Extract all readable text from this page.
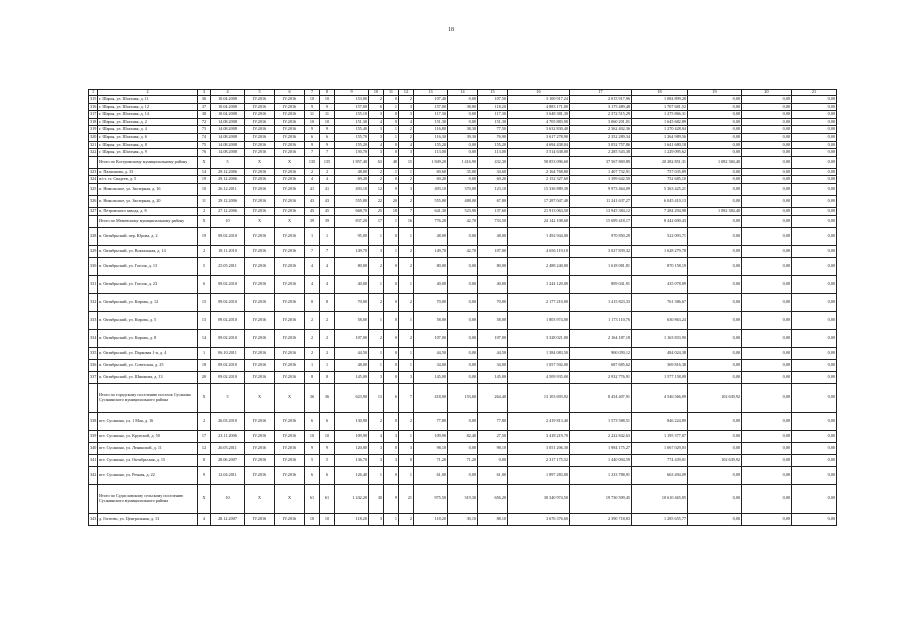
18
1	2	3	4	5	6	7	8	9	10	11	12	13	14	15	16	17	18	19	20	21
315	г. Шарья, ул. Шахтная, д. 11	36	10.04.2008	IV.2016	IV.2016	10	10	153,00	2	0	2	107,40	0,00	107,50	3 100 917,24	2 015 917,96	1 084 899,28	0,00	0,00	0,00
316	г. Шарья, ул. Шахтная, д. 12	37	10.04.2008	IV.2016	IV.2016	9	9	157,00	6	1	3	157,00	38,80	118,20	4 883 171,00	3 175 489,48	1 707 681,52	0,00	0,00	0,00
317	г. Шарья, ул. Шахтная, д. 14	38	10.04.2008	IV.2016	IV.2016	11	11	155,10	3	0	3	117,30	0,00	117,30	3 648 381,30	2 372 515,29	1 275 866,31	0,00	0,00	0,00
318	г. Шарья, ул. Шахтная, д. 2	72	14.08.2008	IV.2016	IV.2016	10	10	151,30	4	0	4	151,30	0,00	151,30	4 705 883,90	3 060 201,01	1 645 682,89	0,00	0,00	0,00
319	г. Шарья, ул. Шахтная, д. 4	73	14.08.2008	IV.2016	IV.2016	9	9	155,40	3	1	2	116,80	38,30	77,50	3 632 830,40	2 362 402,36	1 270 428,04	0,00	0,00	0,00
320	г. Шарья, ул. Шахтная, д. 6	74	14.08.2008	IV.2016	IV.2016	6	6	155,70	3	1	2	116,30	39,30	76,90	3 617 278,90	2 352 289,34	1 264 989,56	0,00	0,00	0,00
321	г. Шарья, ул. Шахтная, д. 8	75	14.08.2008	IV.2016	IV.2016	9	9	155,20	4	0	4	155,20	0,00	155,20	4 694 438,04	3 052 757,86	1 641 680,18	0,00	0,00	0,00
322	г. Шарья, ул. Шахтная, д. 9	76	14.08.2008	IV.2016	IV.2016	7	7	150,70	3	0	3	113,00	0,00	113,00	3 514 638,00	2 285 543,38	1 229 095,62	0,00	0,00	0,00
	Итого по Костромскому муниципальному району	X	5	X	X	135	135	1 857,40	63	48	15	1 849,20	1 416,90	432,30	58 853 096,60	37 567 869,89	20 282 851,31	1 082 384,40	0,00	0,00
323	п. Палкинова, д. 33	14	29.12.2006	IV.2016	IV.2016	2	2	48,00	2	1	1	69,60	35,00	34,60	2 164 768,80	1 407 732,91	757 035,89	0,00	0,00	0,00
324	п/ст. ст. Свадеев, д. 5	19	29.12.2006	IV.2016	IV.2016	4	4	69,20	2	0	2	69,20	0,00	69,20	2 152 327,60	1 399 642,50	752 685,10	0,00	0,00	0,00
325	п. Никольское, ул. Заозерная, д. 16	10	26.12.2011	IV.2016	IV.2016	41	41	493,10	12	9	3	493,10	370,00	123,10	15 336 889,30	9 973 464,09	5 363 425,21	0,00	0,00	0,00
326	п. Никольское, ул. Заозерная, д. 20	11	29.12.2006	IV.2016	IV.2016	43	43	555,80	22	20	2	555,80	488,00	67,80	17 287 047,40	11 241 637,27	6 045 410,13	0,00	0,00	0,00
327	п. Петровского завода, д. 8	2	27.12.2006	IV.2016	IV.2016	45	45	668,70	25	18	7	641,30	523,90	137,60	21 913 063,50	13 945 384,12	7 284 294,98	1 082 384,40	0,00	0,00
	Итого по Межевскому муниципальному району	X	10	X	X	39	39	837,20	17	1	16	776,20	42,70	733,50	24 142 108,60	15 699 418,17	8 442 690,43	0,00	0,00	0,00
328	п. Октябрьский, пер. Юрова, д. 2	19	09.02.2010	IV.2016	IV.2016	1	1	95,00	1	0	1	48,00	0,00	48,00	1 492 944,00	970 850,29	522 093,71	0,00	0,00	0,00
329	п. Октябрьский, ул. Вокзальная, д. 14	2	18.11.2010	IV.2016	IV.2016	7	7	149,70	3	1	2	149,70	42,70	107,00	4 656 119,10	3 027 839,32	1 628 279,78	0,00	0,00	0,00
330	п. Октябрьский, ул. Гоголя, д. 13	5	25.05.2011	IV.2016	IV.2016	4	4	80,00	2	0	2	80,00	0,00	80,00	2 488 240,00	1 618 081,81	870 158,19	0,00	0,00	0,00
331	п. Октябрьский, ул. Гоголя, д. 23	6	09.02.2010	IV.2016	IV.2016	4	4	40,00	1	0	1	40,00	0,00	40,00	1 244 120,00	809 041,91	435 078,09	0,00	0,00	0,00
332	п. Октябрьский, ул. Кирова, д. 12	15	09.02.2010	IV.2016	IV.2016	8	8	70,00	2	0	2	70,00	0,00	70,00	2 177 210,00	1 415 823,33	761 386,67	0,00	0,00	0,00
333	п. Октябрьский, ул. Кирова, д. 5	13	09.02.2010	IV.2016	IV.2016	2	2	58,00	1	0	1	58,00	0,00	58,00	1 803 974,00	1 173 110,76	630 863,24	0,00	0,00	0,00
334	п. Октябрьский, ул. Кирова, д. 8	14	09.02.2010	IV.2016	IV.2016	2	2	107,00	2	0	2	107,00	0,00	107,00	3 328 021,00	2 164 187,18	1 163 833,90	0,00	0,00	0,00
335	п. Октябрьский, ул. Парковая 1-я, д. 4	1	06.10.2011	IV.2016	IV.2016	2	2	44,50	1	0	1	44,50	0,00	44,50	1 384 083,50	900 059,12	484 024,38	0,00	0,00	0,00
336	п. Октябрьский, ул. Советская, д. 25	18	09.02.2010	IV.2016	IV.2016	1	1	48,00	1	0	1	34,00	0,00	34,00	1 057 502,00	687 685,62	369 816,38	0,00	0,00	0,00
337	п. Октябрьский, ул. Шишкова, д. 13	20	09.02.2010	IV.2016	IV.2016	8	8	145,00	3	0	3	145,00	0,00	145,00	4 509 935,00	2 932 776,91	1 577 158,09	0,00	0,00	0,00
	Итого по городскому поселению поселок Сусанино Сусанинского муниципального района	X	5	X	X	36	36	623,90	13	6	7	418,00	153,60	264,40	13 103 693,92	8 454 407,91	4 546 566,09	102 639,92	0,00	0,00
338	пгт. Сусанино, ул. 1 Мая, д. 16	2	26.03.2010	IV.2016	IV.2016	6	6	130,90	2	0	2	77,80	0,00	77,80	2 419 813,40	1 573 588,51	846 224,89	0,00	0,00	0,00
339	пгт. Сусанино, ул. Крупской, д. 50	17	23.11.2006	IV.2016	IV.2016	10	10	109,90	4	3	1	109,90	82,40	27,50	3 418 219,70	2 222 842,63	1 195 377,07	0,00	0,00	0,00
340	пгт. Сусанино, ул. Ленинской, д. 11	12	26.05.2011	IV.2016	IV.2016	9	9	120,00	3	0	3	98,10	0,00	98,10	3 051 206,30	1 984 175,27	1 067 029,03	0,00	0,00	0,00
341	пгт. Сусанино, ул. Октябрьская, д. 15	8	28.06.2007	IV.2016	IV.2016	5	5	136,70	3	3	0	71,20	71,20	0,00	2 317 175,52	1 440 094,59	774 439,01	102 639,92	0,00	0,00
342	пгт. Сусанино, ул. Речная, д. 22	9	12.04.2011	IV.2016	IV.2016	6	6	126,40	1	0	1	61,00	0,00	61,00	1 897 283,00	1 233 788,91	663 494,09	0,00	0,00	0,00
	Итого по Судиславскому сельскому поселению Сусанинского муниципального района	X	10	X	X	61	61	1 242,20	30	9	21	975,50	319,30	656,20	30 340 974,50	19 730 509,45	10 610 465,05	0,00	0,00	0,00
343	д. Гоптово, ул. Центральная, д. 13	4	28.12.2007	IV.2016	IV.2016	10	10	118,20	3	1	2	118,20	30,10	88,10	3 676 376,60	2 390 718,83	1 285 655,77	0,00	0,00	0,00
